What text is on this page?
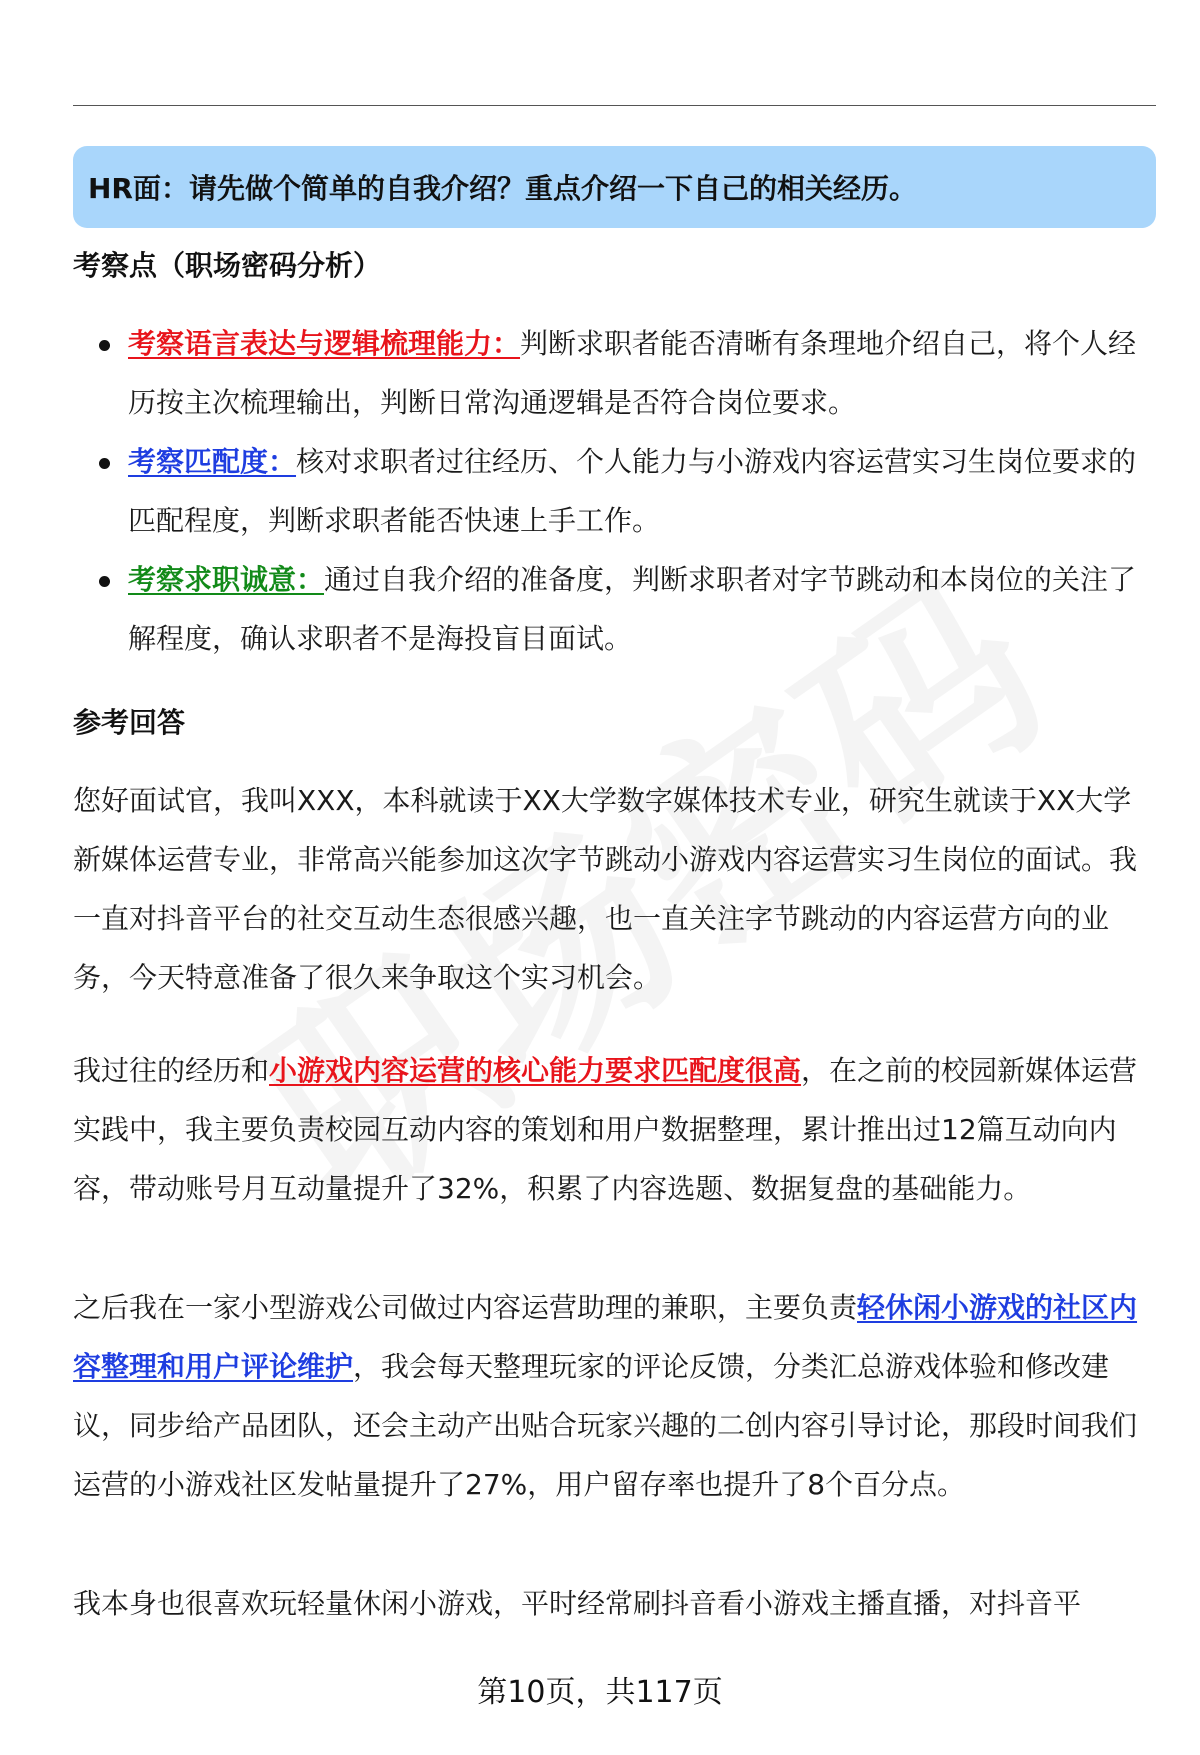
HR面：请先做个简单的自我介绍？重点介绍一下自己的相关经历。
考察点（职场密码分析）
考察语言表达与逻辑梳理能力：判断求职者能否清晰有条理地介绍自己，将个人经历按主次梳理输出，判断日常沟通逻辑是否符合岗位要求。
考察匹配度：核对求职者过往经历、个人能力与小游戏内容运营实习生岗位要求的匹配程度，判断求职者能否快速上手工作。
考察求职诚意：通过自我介绍的准备度，判断求职者对字节跳动和本岗位的关注了解程度，确认求职者不是海投盲目面试。
参考回答
您好面试官，我叫XXX，本科就读于XX大学数字媒体技术专业，研究生就读于XX大学新媒体运营专业，非常高兴能参加这次字节跳动小游戏内容运营实习生岗位的面试。我一直对抖音平台的社交互动生态很感兴趣，也一直关注字节跳动的内容运营方向的业务，今天特意准备了很久来争取这个实习机会。
我过往的经历和小游戏内容运营的核心能力要求匹配度很高，在之前的校园新媒体运营实践中，我主要负责校园互动内容的策划和用户数据整理，累计推出过12篇互动向内容，带动账号月互动量提升了32%，积累了内容选题、数据复盘的基础能力。
之后我在一家小型游戏公司做过内容运营助理的兼职，主要负责轻休闲小游戏的社区内容整理和用户评论维护，我会每天整理玩家的评论反馈，分类汇总游戏体验和修改建议，同步给产品团队，还会主动产出贴合玩家兴趣的二创内容引导讨论，那段时间我们运营的小游戏社区发帖量提升了27%，用户留存率也提升了8个百分点。
我本身也很喜欢玩轻量休闲小游戏，平时经常刷抖音看小游戏主播直播，对抖音平
第10页，共117页
